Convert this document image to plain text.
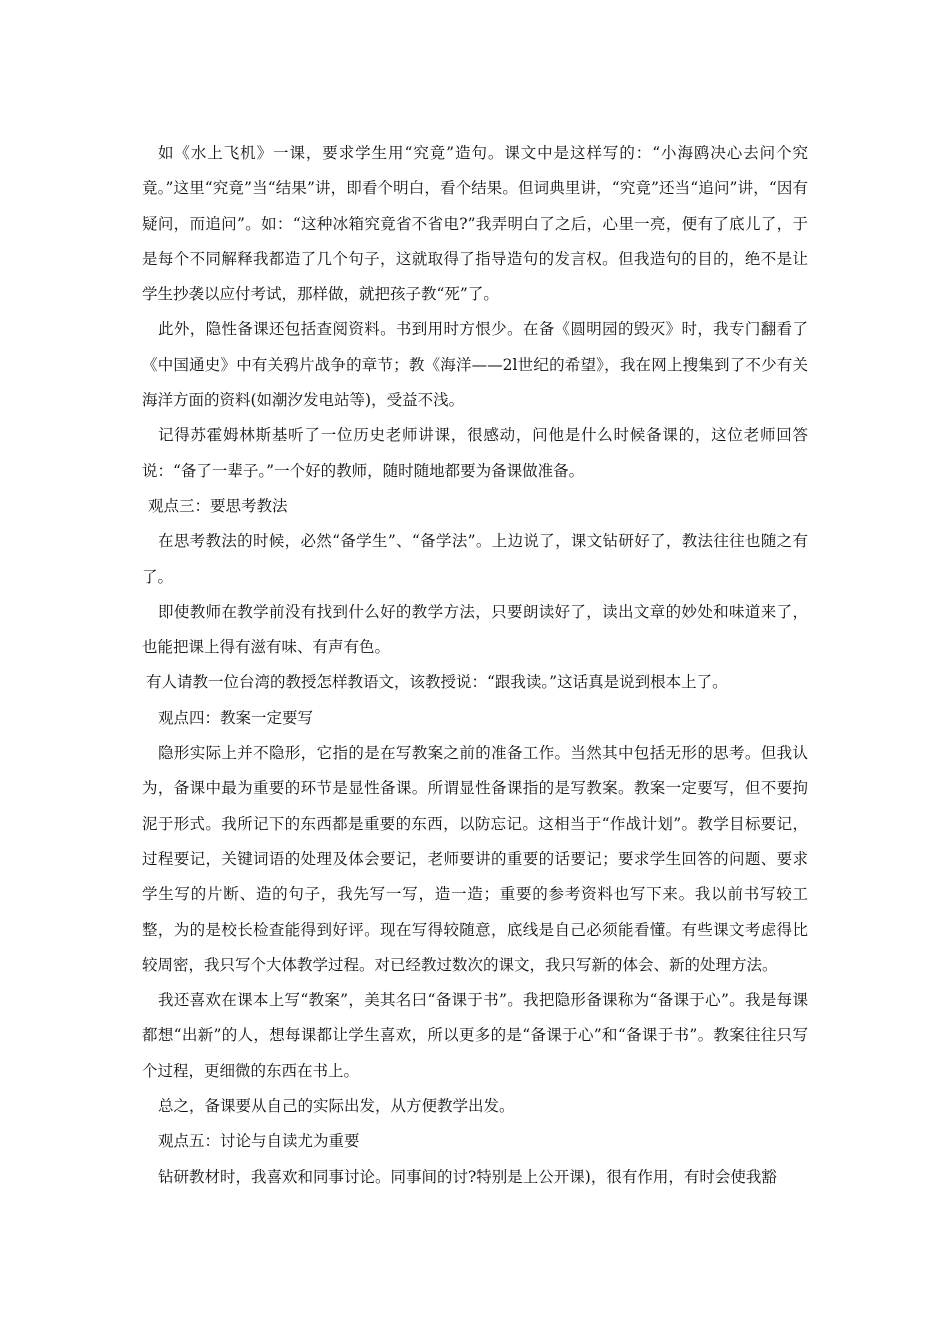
如《水上飞机》一课，要求学生用“究竟”造句。课文中是这样写的：“小海鸥决心去问个究竟。”这里“究竟”当“结果”讲，即看个明白，看个结果。但词典里讲，“究竟”还当“追问”讲，“因有疑问，而追问”。如：“这种冰箱究竟省不省电?”我弄明白了之后，心里一亮，便有了底儿了，于是每个不同解释我都造了几个句子，这就取得了指导造句的发言权。但我造句的目的，绝不是让学生抄袭以应付考试，那样做，就把孩子教“死”了。

此外，隐性备课还包括查阅资料。书到用时方恨少。在备《圆明园的毁灭》时，我专门翻看了《中国通史》中有关鸦片战争的章节；教《海洋——2l世纪的希望》，我在网上搜集到了不少有关海洋方面的资料(如潮汐发电站等)，受益不浅。

记得苏霍姆林斯基听了一位历史老师讲课，很感动，问他是什么时候备课的，这位老师回答说：“备了一辈子。”一个好的教师，随时随地都要为备课做准备。

观点三：要思考教法

在思考教法的时候，必然“备学生”、“备学法”。上边说了，课文钻研好了，教法往往也随之有了。

即使教师在教学前没有找到什么好的教学方法，只要朗读好了，读出文章的妙处和味道来了，也能把课上得有滋有味、有声有色。

有人请教一位台湾的教授怎样教语文，该教授说：“跟我读。”这话真是说到根本上了。

观点四：教案一定要写

隐形实际上并不隐形，它指的是在写教案之前的准备工作。当然其中包括无形的思考。但我认为，备课中最为重要的环节是显性备课。所谓显性备课指的是写教案。教案一定要写，但不要拘泥于形式。我所记下的东西都是重要的东西，以防忘记。这相当于“作战计划”。教学目标要记，过程要记，关键词语的处理及体会要记，老师要讲的重要的话要记；要求学生回答的问题、要求学生写的片断、造的句子，我先写一写，造一造；重要的参考资料也写下来。我以前书写较工整，为的是校长检查能得到好评。现在写得较随意，底线是自己必须能看懂。有些课文考虑得比较周密，我只写个大体教学过程。对已经教过数次的课文，我只写新的体会、新的处理方法。

我还喜欢在课本上写“教案”，美其名曰“备课于书”。我把隐形备课称为“备课于心”。我是每课都想“出新”的人，想每课都让学生喜欢，所以更多的是“备课于心”和“备课于书”。教案往往只写个过程，更细微的东西在书上。

总之，备课要从自己的实际出发，从方便教学出发。

观点五：讨论与自读尤为重要

钻研教材时，我喜欢和同事讨论。同事间的讨?特别是上公开课)，很有作用，有时会使我豁
